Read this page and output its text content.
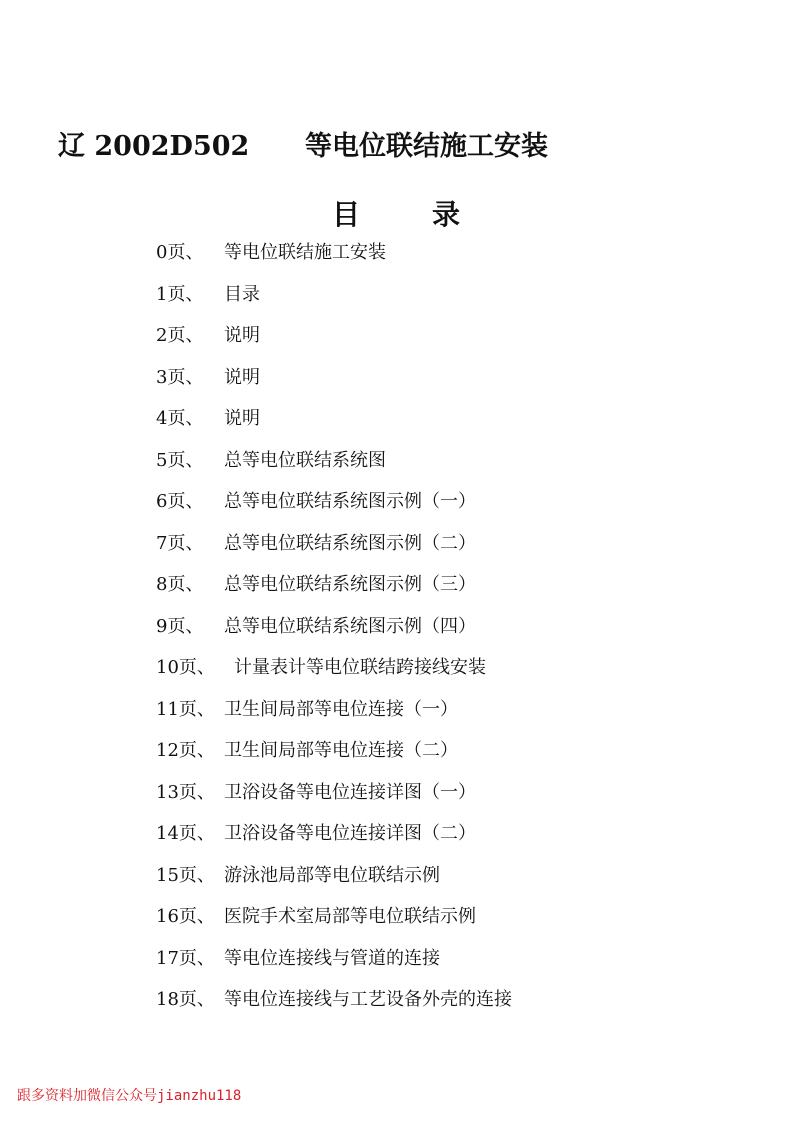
辽 2002D502 等电位联结施工安装
目	录
0页、 等电位联结施工安装
1页、 目录
2页、 说明
3页、 说明
4页、 说明
5页、 总等电位联结系统图
6页、 总等电位联结系统图示例（一）
7页、 总等电位联结系统图示例（二）
8页、 总等电位联结系统图示例（三）
9页、 总等电位联结系统图示例（四）
10页、 计量表计等电位联结跨接线安装
11页、 卫生间局部等电位连接（一）
12页、 卫生间局部等电位连接（二）
13页、 卫浴设备等电位连接详图（一）
14页、 卫浴设备等电位连接详图（二）
15页、 游泳池局部等电位联结示例
16页、 医院手术室局部等电位联结示例
17页、 等电位连接线与管道的连接
18页、 等电位连接线与工艺设备外壳的连接
跟多资料加微信公众号jianzhu118
